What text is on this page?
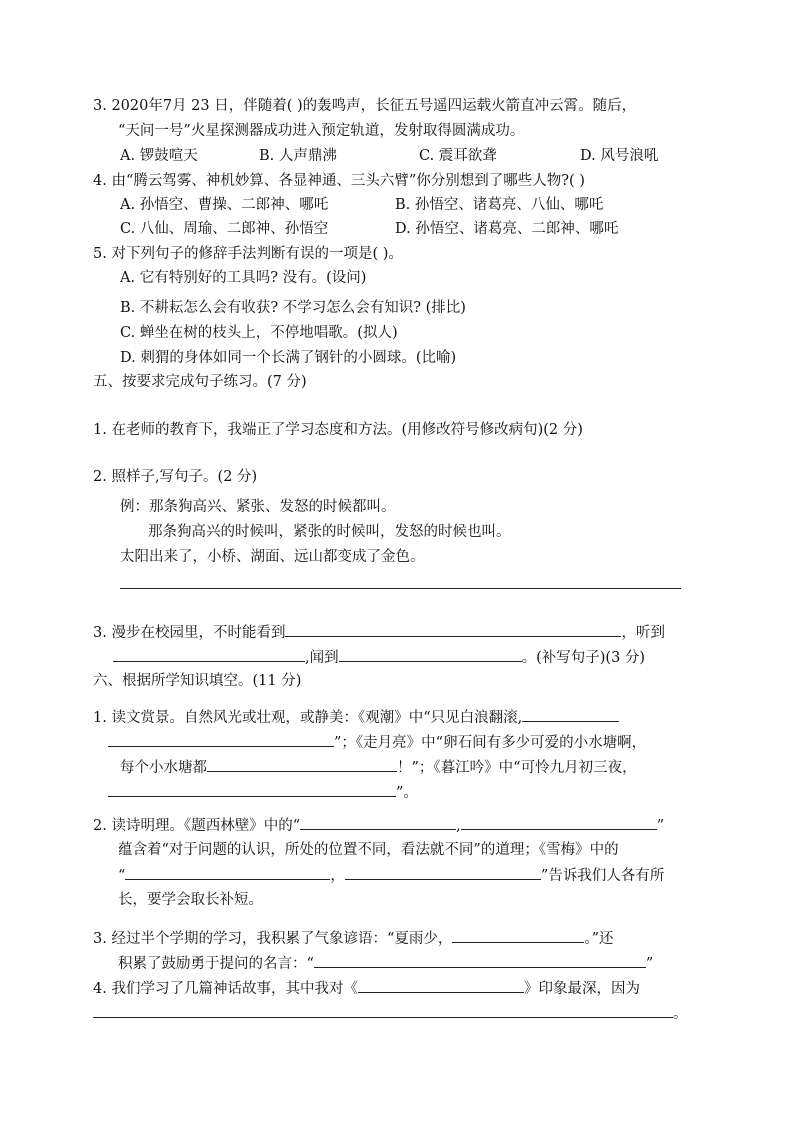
3. 2020年7月 23 日，伴随着( )的轰鸣声，长征五号遥四运载火箭直冲云霄。随后，
“天问一号”火星探测器成功进入预定轨道，发射取得圆满成功。
A. 锣鼓喧天	B. 人声鼎沸	C. 震耳欲聋	D. 风号浪吼
4. 由“腾云驾雾、神机妙算、各显神通、三头六臂”你分别想到了哪些人物?( )
A. 孙悟空、曹操、二郎神、哪吒	B. 孙悟空、诸葛亮、八仙、哪吒
C. 八仙、周瑜、二郎神、孙悟空	D. 孙悟空、诸葛亮、二郎神、哪吒
5. 对下列句子的修辞手法判断有误的一项是( )。
A. 它有特别好的工具吗? 没有。(设问)
B. 不耕耘怎么会有收获? 不学习怎么会有知识? (排比)
C. 蝉坐在树的枝头上，不停地唱歌。(拟人)
D. 刺猬的身体如同一个长满了钢针的小圆球。(比喻)
五、按要求完成句子练习。(7 分)
1. 在老师的教育下，我端正了学习态度和方法。(用修改符号修改病句)(2 分)
2. 照样子,写句子。(2 分)
例：那条狗高兴、紧张、发怒的时候都叫。
那条狗高兴的时候叫，紧张的时候叫，发怒的时候也叫。
太阳出来了，小桥、湖面、远山都变成了金色。
3. 漫步在校园里，不时能看到	，听到
,闻到	。(补写句子)(3 分)
六、根据所学知识填空。(11 分)
1. 读文赏景。自然风光或壮观，或静美：《观潮》中“只见白浪翻滚,
”；《走月亮》中“卵石间有多少可爱的小水塘啊，
每个小水塘都	！”；《暮江吟》中“可怜九月初三夜，
”。
2. 读诗明理。《题西林壁》中的“	,	”
蕴含着“对于问题的认识，所处的位置不同，看法就不同”的道理；《雪梅》中的
“	，	”告诉我们人各有所
长，要学会取长补短。
3. 经过半个学期的学习，我积累了气象谚语：“夏雨少，	。”还
积累了鼓励勇于提问的名言：“	”
4. 我们学习了几篇神话故事，其中我对《	》印象最深，因为
。
